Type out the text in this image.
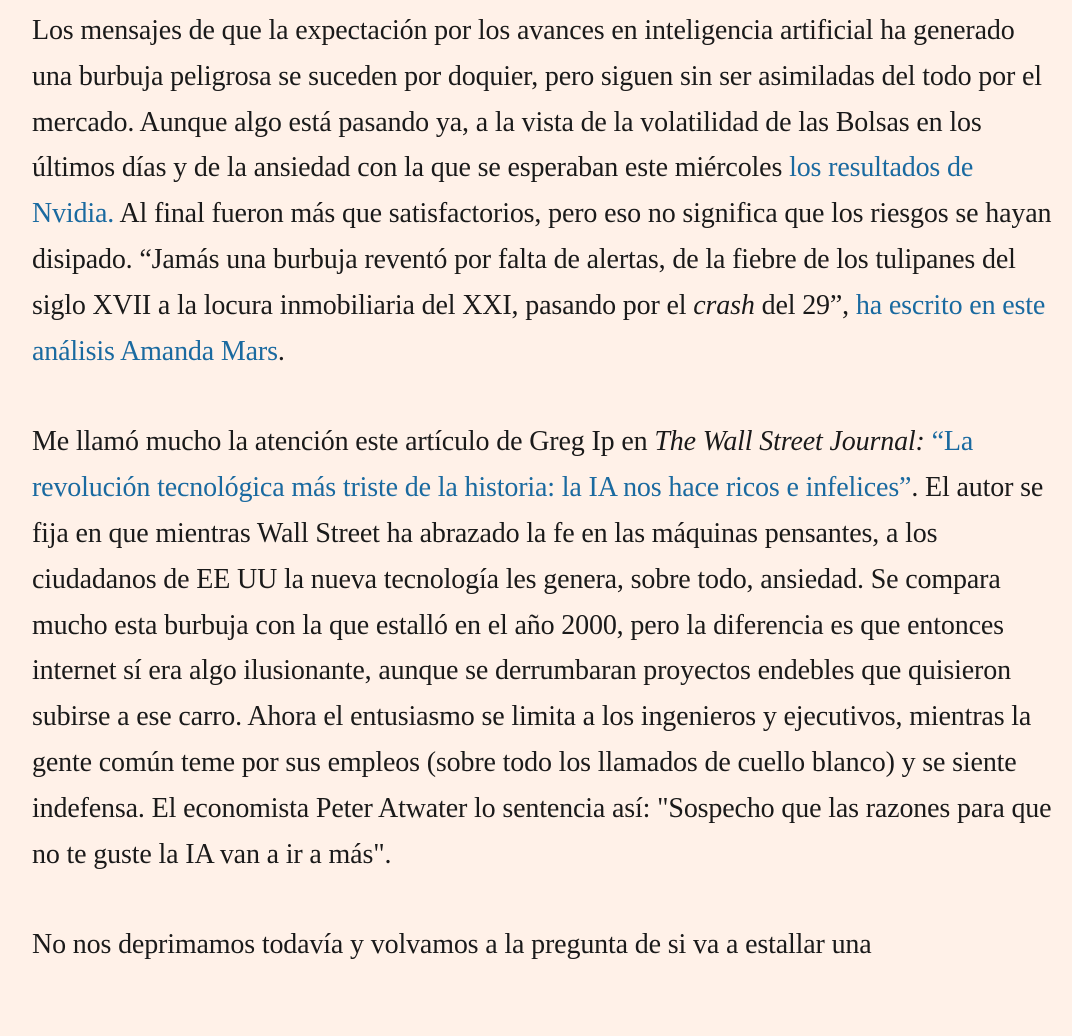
Los mensajes de que la expectación por los avances en inteligencia artificial ha generado una burbuja peligrosa se suceden por doquier, pero siguen sin ser asimiladas del todo por el mercado. Aunque algo está pasando ya, a la vista de la volatilidad de las Bolsas en los últimos días y de la ansiedad con la que se esperaban este miércoles los resultados de Nvidia. Al final fueron más que satisfactorios, pero eso no significa que los riesgos se hayan disipado. “Jamás una burbuja reventó por falta de alertas, de la fiebre de los tulipanes del siglo XVII a la locura inmobiliaria del XXI, pasando por el crash del 29”, ha escrito en este análisis Amanda Mars.

Me llamó mucho la atención este artículo de Greg Ip en The Wall Street Journal: “La revolución tecnológica más triste de la historia: la IA nos hace ricos e infelices”. El autor se fija en que mientras Wall Street ha abrazado la fe en las máquinas pensantes, a los ciudadanos de EE UU la nueva tecnología les genera, sobre todo, ansiedad. Se compara mucho esta burbuja con la que estalló en el año 2000, pero la diferencia es que entonces internet sí era algo ilusionante, aunque se derrumbaran proyectos endebles que quisieron subirse a ese carro. Ahora el entusiasmo se limita a los ingenieros y ejecutivos, mientras la gente común teme por sus empleos (sobre todo los llamados de cuello blanco) y se siente indefensa. El economista Peter Atwater lo sentencia así: "Sospecho que las razones para que no te guste la IA van a ir a más".

No nos deprimamos todavía y volvamos a la pregunta de si va a estallar una
